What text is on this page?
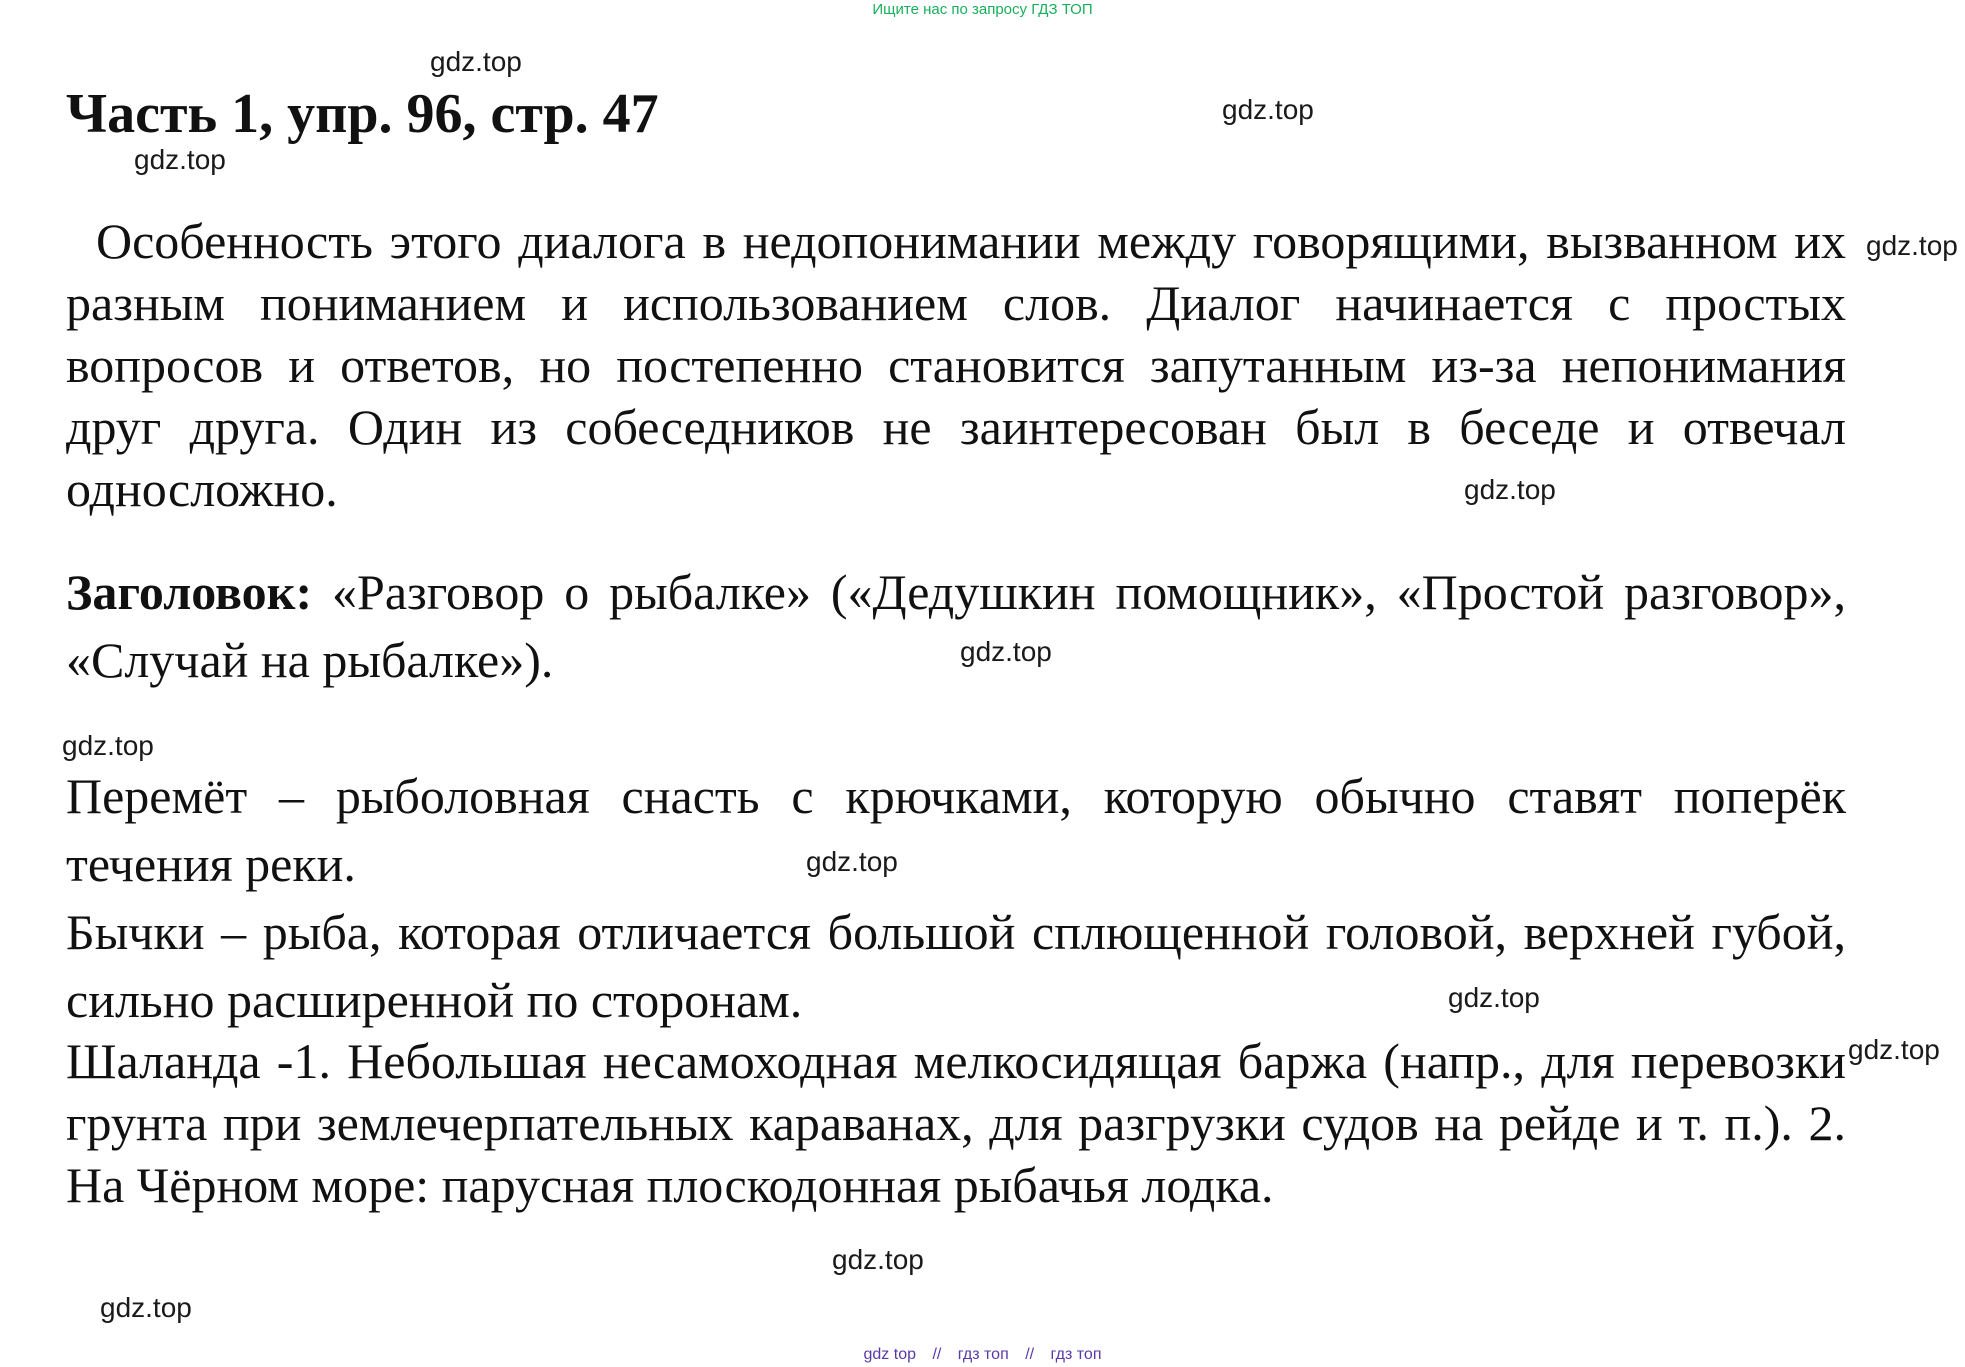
Ищите нас по запросу ГДЗ ТОП
gdz.top
Часть 1, упр. 96, стр. 47	gdz.top
gdz.top

Особенность этого диалога в недопонимании между говорящими, вызванном их разным пониманием и использованием слов. Диалог начинается с простых вопросов и ответов, но постепенно становится запутанным из-за непонимания друг друга. Один из собеседников не заинтересован был в беседе и отвечал односложно.

gdz.top
gdz.top

Заголовок: «Разговор о рыбалке» («Дедушкин помощник», «Простой разговор», «Случай на рыбалке»).	gdz.top
gdz.top

Перемёт – рыболовная снасть с крючками, которую обычно ставят поперёк течения реки.	gdz.top

Бычки – рыба, которая отличается большой сплющенной головой, верхней губой, сильно расширенной по сторонам.	gdz.top
gdz.top

Шаланда -1. Небольшая несамоходная мелкосидящая баржа (напр., для перевозки грунта при землечерпательных караванах, для разгрузки судов на рейде и т. п.). 2. На Чёрном море: парусная плоскодонная рыбачья лодка.

gdz.top
gdz.top
gdz top // гдз топ // гдз топ
